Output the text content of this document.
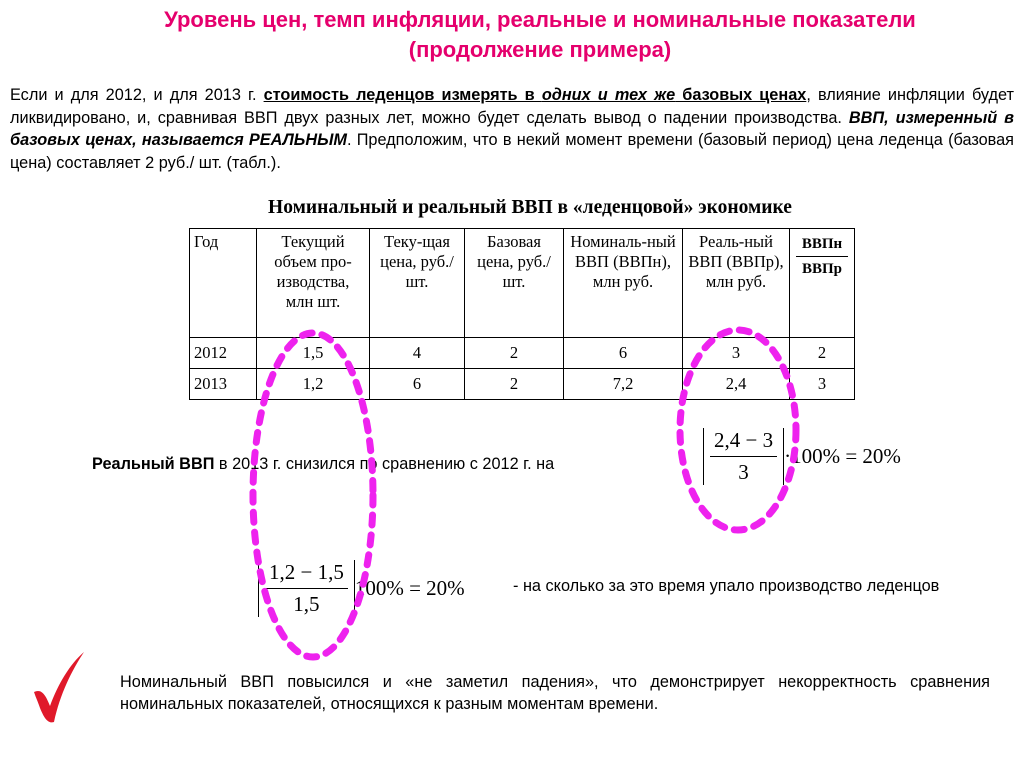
Уровень цен, темп инфляции, реальные и номинальные показатели
(продолжение примера)
Если и для 2012, и для 2013 г. стоимость леденцов измерять в одних и тех же базовых ценах, влияние инфляции будет ликвидировано, и, сравнивая ВВП двух разных лет, можно будет сделать вывод о падении производства. ВВП, измеренный в базовых ценах, называется РЕАЛЬНЫМ. Предположим, что в некий момент времени (базовый период) цена леденца (базовая цена) составляет 2 руб./ шт. (табл.).
Номинальный и реальный ВВП в «леденцовой» экономике
Год	Текущий объем про-изводства, млн шт.	Теку-щая цена, руб./шт.	Базовая цена, руб./шт.	Номиналь-ный ВВП (ВВПн), млн руб.	Реаль-ный ВВП (ВВПр), млн руб.	$\frac{\text{ВВПн}}{\text{ВВПр}}$

2012	1,5	4	2	6	3	2
2013	1,2	6	2	7,2	2,4	3
Реальный ВВП в 2013 г. снизился по сравнению с 2012 г. на	$\frac{2,4 - 3}{3} \cdot 100\% = 20\%$
$\frac{1,2 - 1,5}{1,5} 100\% = 20\%$	- на сколько за это время упало производство леденцов
Номинальный ВВП повысился и «не заметил падения», что демонстрирует некорректность сравнения номинальных показателей, относящихся к разным моментам времени.
